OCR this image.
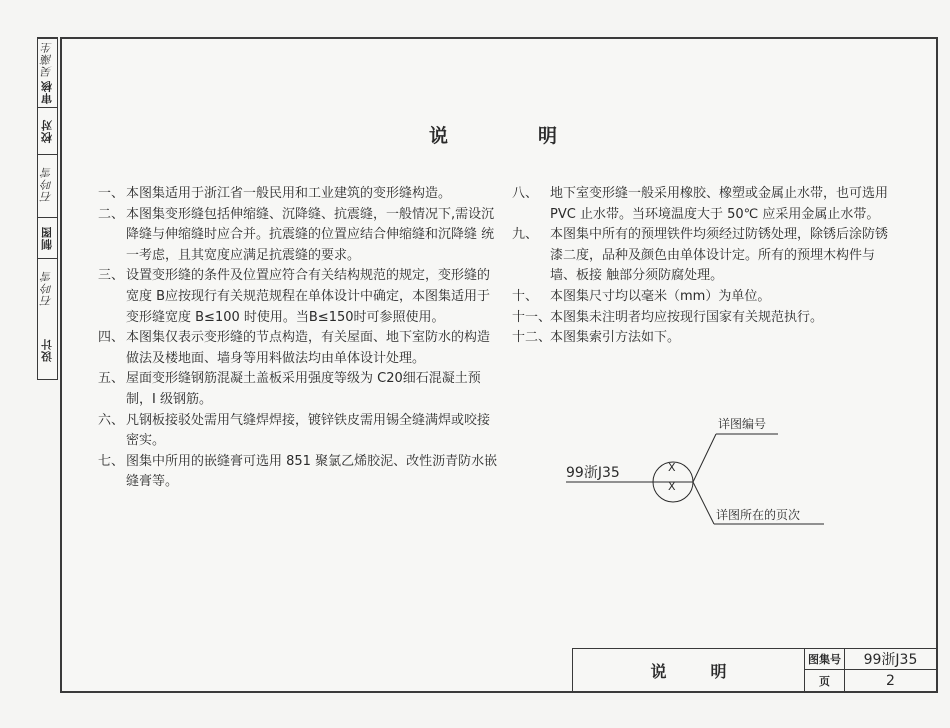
审核
吴藻生
校对
石吟雪
制图
石吟雪
设计
说	明
一、 本图集适用于浙江省一般民用和工业建筑的变形缝构造。
二、 本图集变形缝包括伸缩缝、沉降缝、抗震缝，一般情况下,需设沉降缝与伸缩缝时应合并。抗震缝的位置应结合伸缩缝和沉降缝 统一考虑，且其宽度应满足抗震缝的要求。
三、 设置变形缝的条件及位置应符合有关结构规范的规定，变形缝的宽度 B应按现行有关规范规程在单体设计中确定，本图集适用于变形缝宽度 B≤100 时使用。当B≤150时可参照使用。
四、 本图集仅表示变形缝的节点构造，有关屋面、地下室防水的构造做法及楼地面、墙身等用料做法均由单体设计处理。
五、 屋面变形缝钢筋混凝土盖板采用强度等级为 C20细石混凝土预制，I 级钢筋。
六、 凡钢板接驳处需用气缝焊焊接，镀锌铁皮需用锡全缝满焊或咬接密实。
七、 图集中所用的嵌缝膏可选用 851 聚氯乙烯胶泥、改性沥青防水嵌缝膏等。
八、 地下室变形缝一般采用橡胶、橡塑或金属止水带，也可选用 PVC 止水带。当环境温度大于 50℃ 应采用金属止水带。
九、 本图集中所有的预埋铁件均须经过防锈处理，除锈后涂防锈漆二度，品种及颜色由单体设计定。所有的预埋木构件与墙、板接 触部分须防腐处理。
十、 本图集尺寸均以毫米（mm）为单位。
十一、
本图集未注明者均应按现行国家有关规范执行。
十二、
本图集索引方法如下。
99浙J35	X
X
详图编号
详图所在的页次
说	明
图集号	99浙J35
页	2
